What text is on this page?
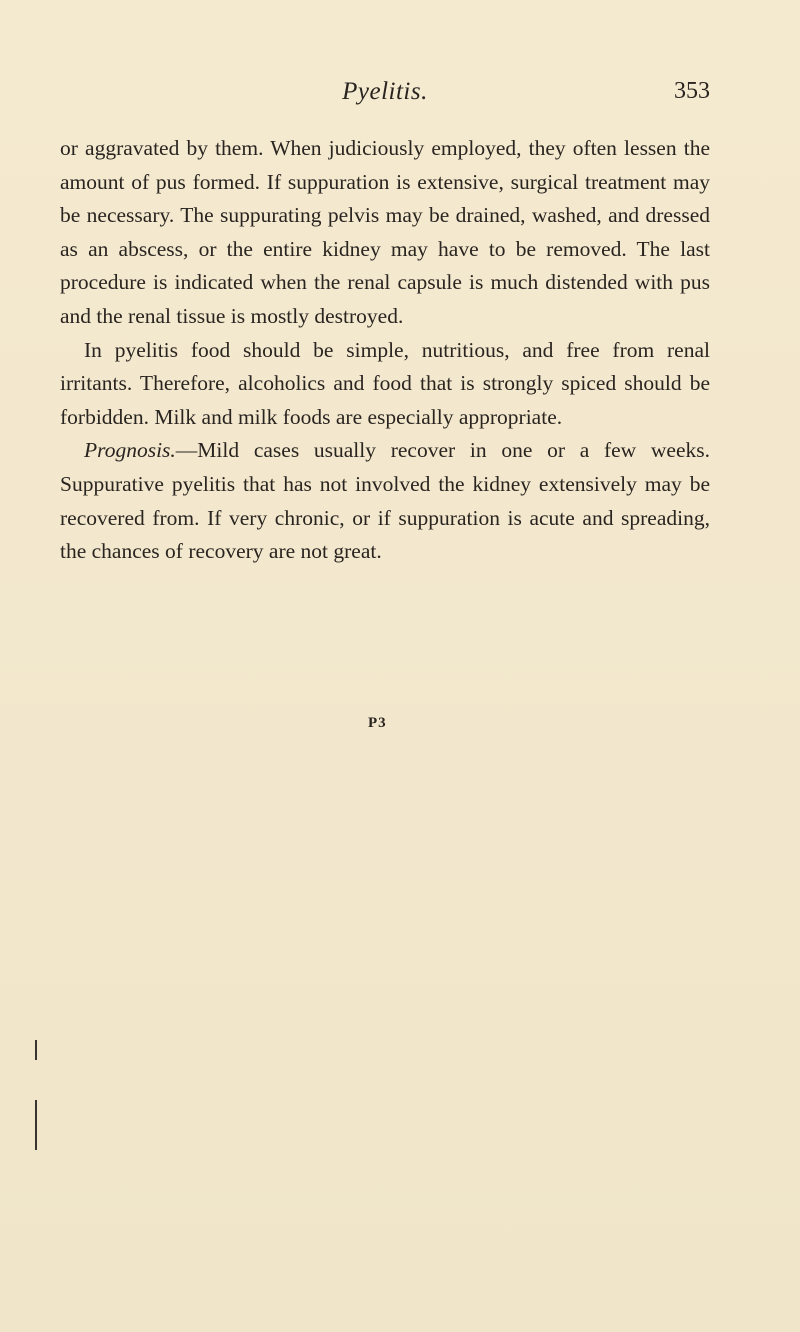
Pyelitis.	353

or aggravated by them. When judiciously employed, they often lessen the amount of pus formed. If suppuration is extensive, surgical treatment may be necessary. The suppurating pelvis may be drained, washed, and dressed as an abscess, or the entire kidney may have to be removed. The last procedure is indicated when the renal capsule is much distended with pus and the renal tissue is mostly destroyed.

In pyelitis food should be simple, nutritious, and free from renal irritants. Therefore, alcoholics and food that is strongly spiced should be forbidden. Milk and milk foods are especially appropriate.

Prognosis.—Mild cases usually recover in one or a few weeks. Suppurative pyelitis that has not involved the kidney extensively may be recovered from. If very chronic, or if suppuration is acute and spreading, the chances of recovery are not great.

P3
